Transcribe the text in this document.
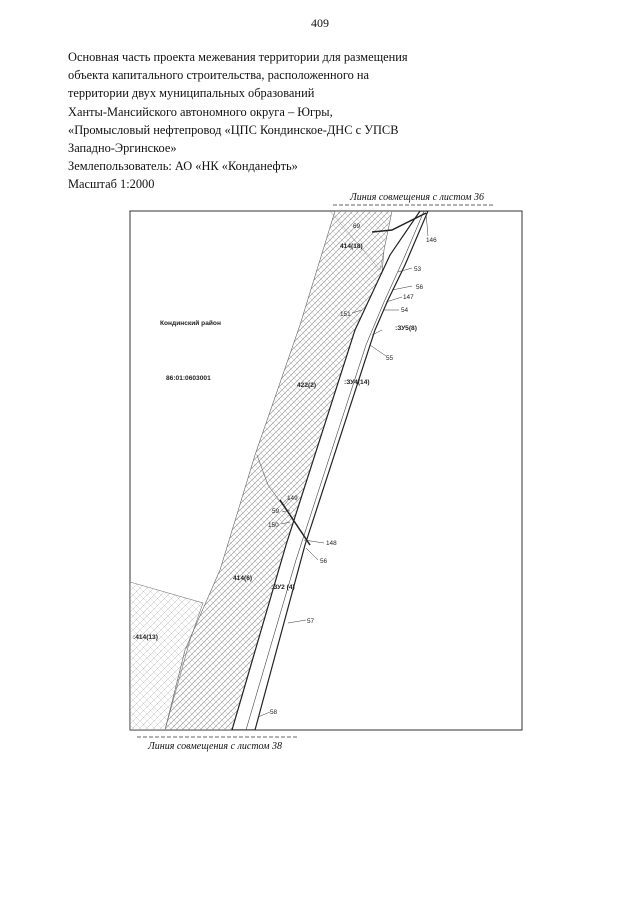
409
Основная часть проекта межевания территории для размещения
объекта капитального строительства, расположенного на
территории двух муниципальных образований
Ханты-Мансийского автономного округа – Югры,
«Промысловый нефтепровод «ЦПС Кондинское-ДНС с УПСВ
Западно-Эргинское»
Землепользователь: АО «НК «Конданефть»
Масштаб 1:2000
Линия совмещения с листом 36
Линия совмещения с листом 38
Кондинский район
86:01:0603001
69
414(18)
146
53
56
147
54
151
:ЗУ5(8)
55
:ЗУ4(14)
422(2)
149
59
150
148
56
414(6)
:ЗУ2 (4)
57
:414(13)
58
